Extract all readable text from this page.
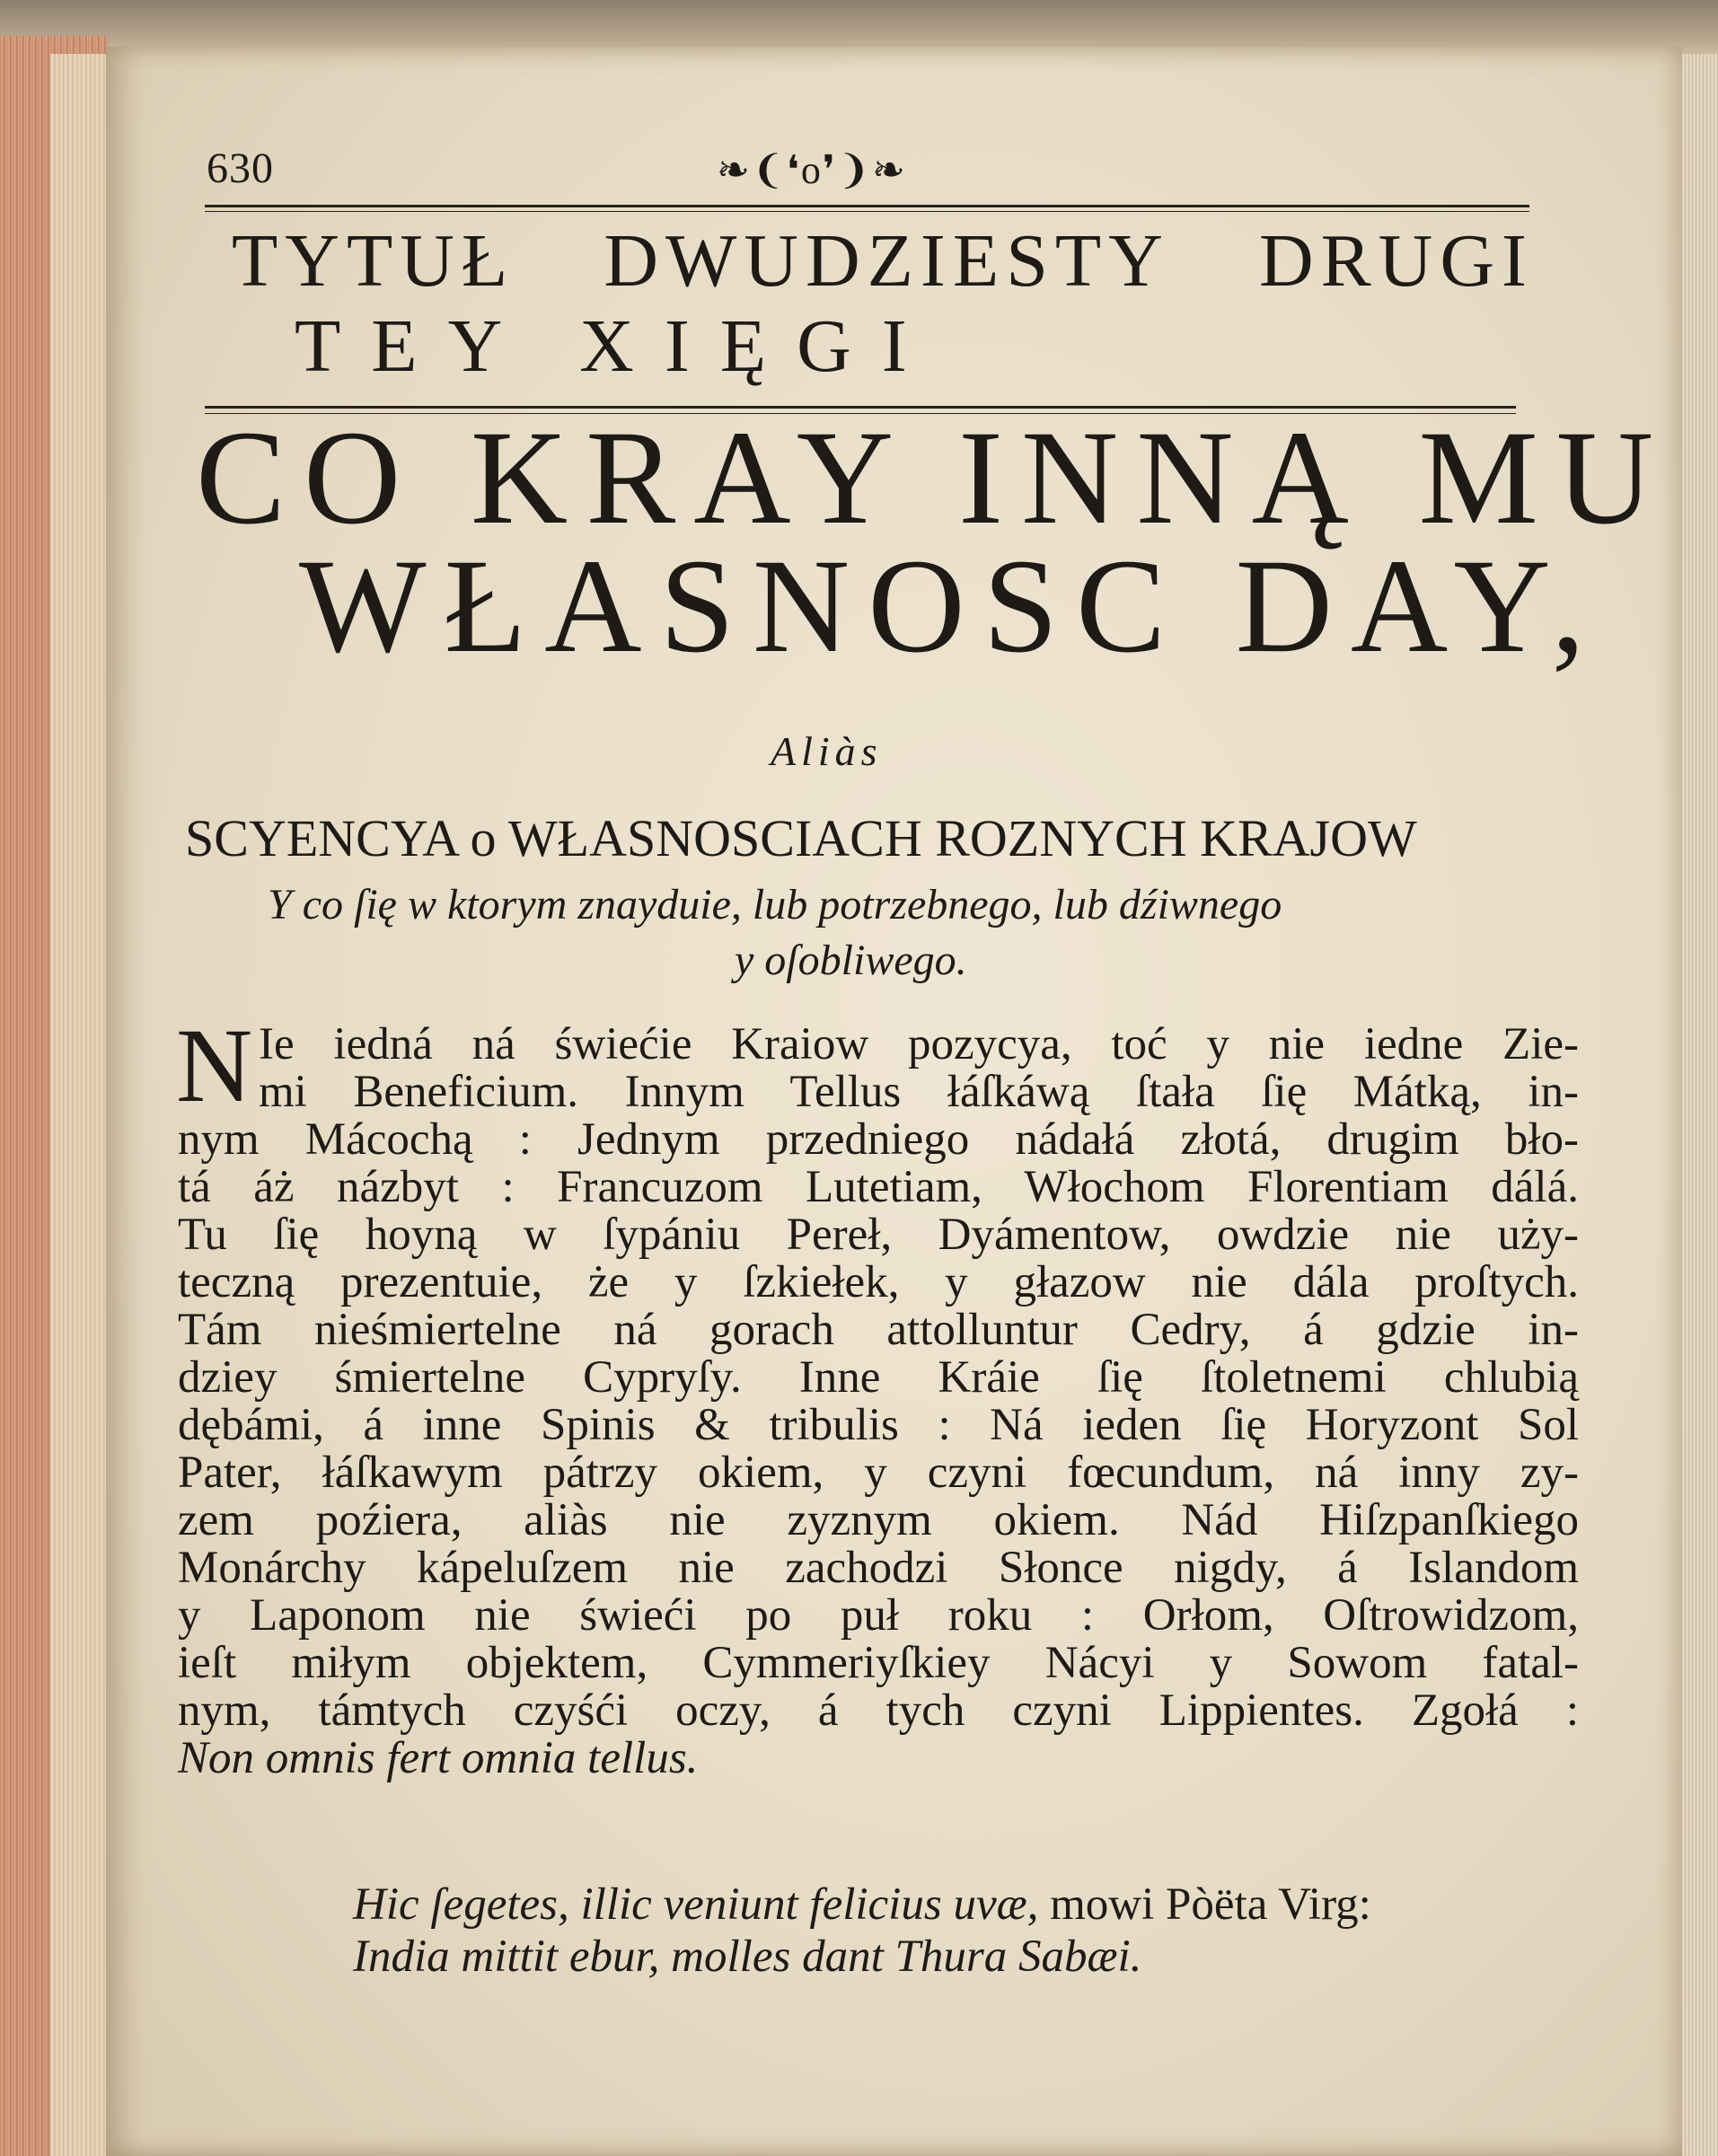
630	❧❨❛o❜❩❧
TYTUŁ DWUDZIESTY DRUGI
TEY XIĘGI
CO KRAY INNĄ MU
WŁASNOSC DAY,
Aliàs
SCYENCYA o WŁASNOSCIACH ROZNYCH KRAJOW
Y co ſię w ktorym znayduie, lub potrzebnego, lub dźiwnego
y oſobliwego.
N Ie iedná ná świećie Kraiow pozycya, toć y nie iedne Zie-
mi Beneficium. Innym Tellus łáſkáwą ſtała ſię Mátką, in-
nym Mácochą : Jednym przedniego nádałá złotá, drugim bło-
tá áż názbyt : Francuzom Lutetiam, Włochom Florentiam dálá.
Tu ſię hoyną w ſypániu Pereł, Dyámentow, owdzie nie uży-
teczną prezentuie, że y ſzkiełek, y głazow nie dála proſtych.
Tám nieśmiertelne ná gorach attolluntur Cedry, á gdzie in-
dziey śmiertelne Cypryſy. Inne Kráie ſię ſtoletnemi chlubią
dębámi, á inne Spinis & tribulis : Ná ieden ſię Horyzont Sol
Pater, łáſkawym pátrzy okiem, y czyni fœcundum, ná inny zy-
zem poźiera, aliàs nie zyznym okiem. Nád Hiſzpanſkiego
Monárchy kápeluſzem nie zachodzi Słonce nigdy, á Islandom
y Laponom nie świeći po puł roku : Orłom, Oſtrowidzom,
ieſt miłym objektem, Cymmeriyſkiey Nácyi y Sowom fatal-
nym, támtych czyśći oczy, á tych czyni Lippientes. Zgołá :
Non omnis fert omnia tellus.
Hic ſegetes, illic veniunt felicius uvæ, mowi Pòëta Virg:
India mittit ebur, molles dant Thura Sabæi.
